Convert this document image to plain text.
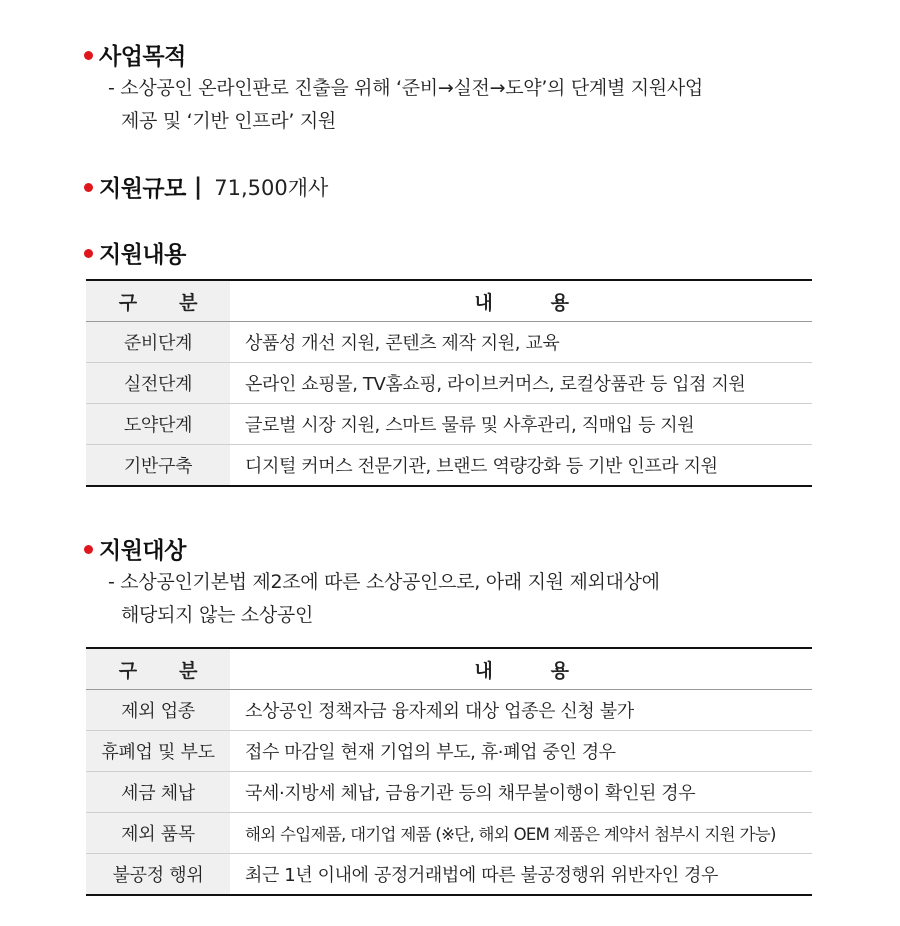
사업목적
- 소상공인 온라인판로 진출을 위해 ‘준비→실전→도약’의 단계별 지원사업
제공 및 ‘기반 인프라’ 지원
지원규모 | 71,500개사
지원내용
구 분	내 용
준비단계	상품성 개선 지원, 콘텐츠 제작 지원, 교육
실전단계	온라인 쇼핑몰, TV홈쇼핑, 라이브커머스, 로컬상품관 등 입점 지원
도약단계	글로벌 시장 지원, 스마트 물류 및 사후관리, 직매입 등 지원
기반구축	디지털 커머스 전문기관, 브랜드 역량강화 등 기반 인프라 지원
지원대상
- 소상공인기본법 제2조에 따른 소상공인으로, 아래 지원 제외대상에
해당되지 않는 소상공인
구 분	내 용
제외 업종	소상공인 정책자금 융자제외 대상 업종은 신청 불가
휴폐업 및 부도	접수 마감일 현재 기업의 부도, 휴·폐업 중인 경우
세금 체납	국세·지방세 체납, 금융기관 등의 채무불이행이 확인된 경우
제외 품목	해외 수입제품, 대기업 제품 (※단, 해외 OEM 제품은 계약서 첨부시 지원 가능)
불공정 행위	최근 1년 이내에 공정거래법에 따른 불공정행위 위반자인 경우
